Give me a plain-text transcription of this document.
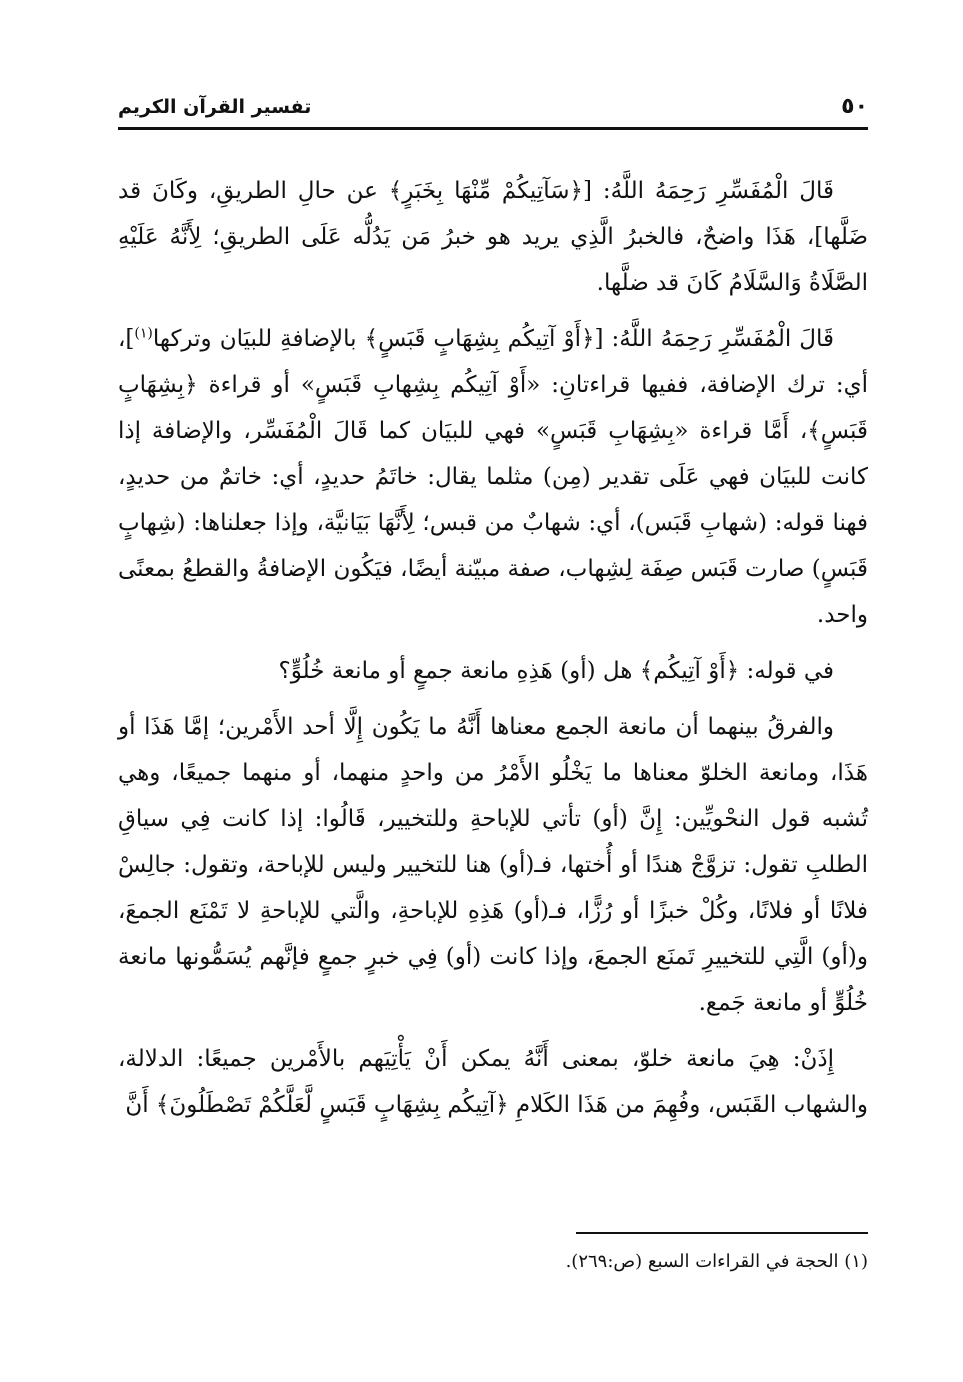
٥٠
تفسير القرآن الكريم

قَالَ الْمُفَسِّرِ رَحِمَهُ اللَّهُ: [﴿سَآتِيكُمْ مِّنْهَا بِخَبَرٍ﴾ عن حالِ الطريقِ، وكَانَ قد ضَلَّها]، هَذَا واضحٌ، فالخبرُ الَّذِي يريد هو خبرُ مَن يَدُلُّه عَلَى الطريقِ؛ لِأَنَّهُ عَلَيْهِ الصَّلَاةُ وَالسَّلَامُ كَانَ قد ضلَّها.

قَالَ الْمُفَسِّرِ رَحِمَهُ اللَّهُ: [﴿أَوْ آتِيكُم بِشِهَابٍ قَبَسٍ﴾ بالإضافةِ للبيَان وتركها$^{(١)}$]، أي: ترك الإضافة، ففيها قراءتانِ: «أَوْ آتِيكُم بِشِهابِ قَبَسٍ» أو قراءة ﴿بِشِهَابٍ قَبَسٍ﴾، أَمَّا قراءة «بِشِهَابِ قَبَسٍ» فهي للبيَان كما قَالَ الْمُفَسِّر، والإضافة إذا كانت للبيَان فهي عَلَى تقدير (مِن) مثلما يقال: خاتَمُ حديدٍ، أي: خاتمٌ من حديدٍ، فهنا قوله: (شهابِ قَبَس)، أي: شهابٌ من قبس؛ لِأَنَّهَا بَيَانيَّة، وإذا جعلناها: (شِهابٍ قَبَسٍ) صارت قَبَس صِفَة لِشِهاب، صفة مبيّنة أيضًا، فيَكُون الإضافةُ والقطعُ بمعنًى واحد.

في قوله: ﴿أَوْ آتِيكُم﴾ هل (أو) هَذِهِ مانعة جمعٍ أو مانعة خُلُوٍّ؟

والفرقُ بينهما أن مانعة الجمع معناها أَنَّهُ ما يَكُون إِلَّا أحد الأَمْرين؛ إمَّا هَذَا أو هَذَا، ومانعة الخلوّ معناها ما يَخْلُو الأَمْرُ من واحدٍ منهما، أو منهما جميعًا، وهي تُشبه قول النحْويِّين: إِنَّ (أو) تأتي للإباحةِ وللتخيير، قَالُوا: إذا كانت فِي سياقِ الطلبِ تقول: تزوَّجْ هندًا أو أُختها، فـ(أو) هنا للتخيير وليس للإباحة، وتقول: جالِسْ فلانًا أو فلانًا، وكُلْ خبزًا أو رُزًّا، فـ(أو) هَذِهِ للإباحةِ، والَّتي للإباحةِ لا تَمْنَع الجمعَ، و(أو) الَّتِي للتخييرِ تَمنَع الجمعَ، وإذا كانت (أو) فِي خبرٍ جمعٍ فإنَّهم يُسَمُّونها مانعة خُلُوٍّ أو مانعة جَمع.

إِذَنْ: هِيَ مانعة خلوّ، بمعنى أَنَّهُ يمكن أَنْ يَأْتِيَهم بالأَمْرين جميعًا: الدلالة، والشهاب القَبَس، وفُهِمَ من هَذَا الكَلامِ ﴿آتِيكُم بِشِهَابٍ قَبَسٍ لَّعَلَّكُمْ تَصْطَلُونَ﴾ أَنَّ

(١) الحجة في القراءات السبع (ص:٢٦٩).
